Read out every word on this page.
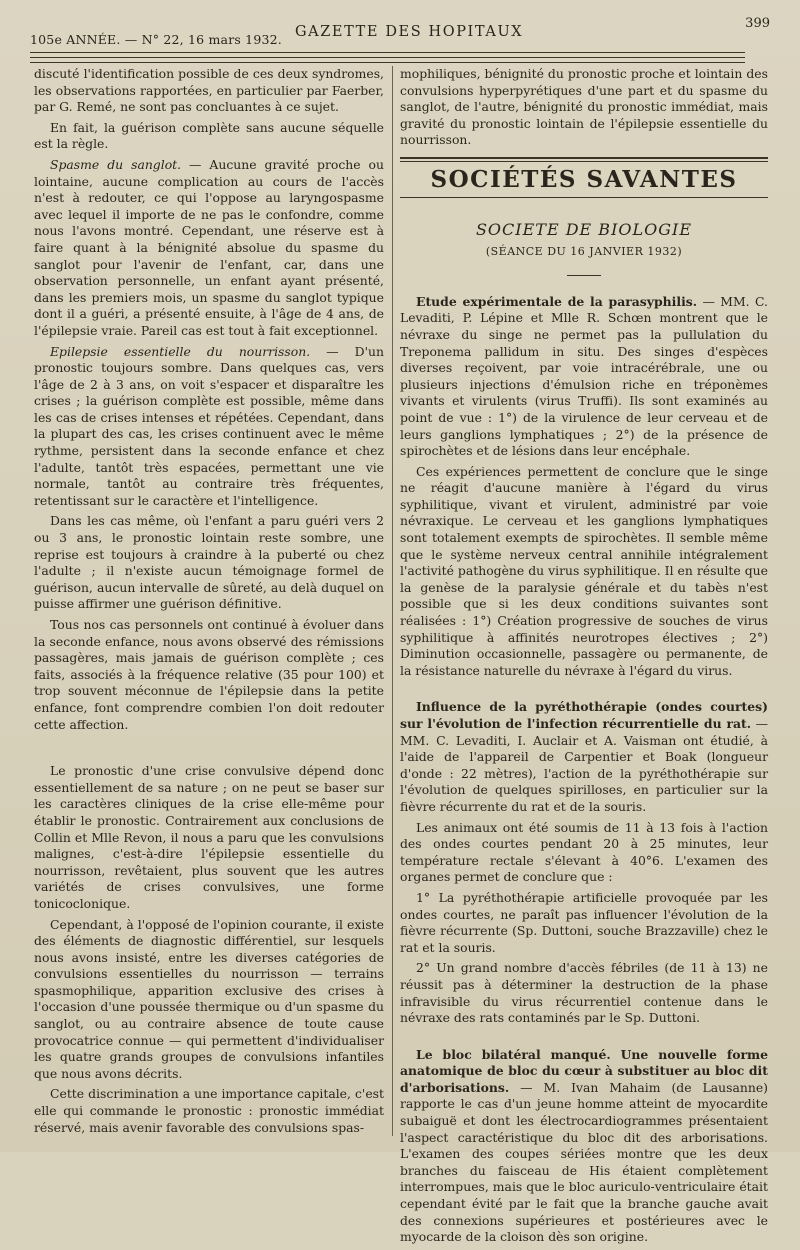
105e ANNÉE. — N° 22, 16 mars 1932. GAZETTE DES HOPITAUX
399

discuté l'identification possible de ces deux syndromes, les observations rapportées, en particulier par Faerber, par G. Remé, ne sont pas concluantes à ce sujet.

En fait, la guérison complète sans aucune séquelle est la règle.

Spasme du sanglot. — Aucune gravité proche ou lointaine, aucune complication au cours de l'accès n'est à redouter, ce qui l'oppose au laryngospasme avec lequel il importe de ne pas le confondre, comme nous l'avons montré. Cependant, une réserve est à faire quant à la bénignité absolue du spasme du sanglot pour l'avenir de l'enfant, car, dans une observation personnelle, un enfant ayant présenté, dans les premiers mois, un spasme du sanglot typique dont il a guéri, a présenté ensuite, à l'âge de 4 ans, de l'épilepsie vraie. Pareil cas est tout à fait exceptionnel.

Epilepsie essentielle du nourrisson. — D'un pronostic toujours sombre. Dans quelques cas, vers l'âge de 2 à 3 ans, on voit s'espacer et disparaître les crises ; la guérison complète est possible, même dans les cas de crises intenses et répétées. Cependant, dans la plupart des cas, les crises continuent avec le même rythme, persistent dans la seconde enfance et chez l'adulte, tantôt très espacées, permettant une vie normale, tantôt au contraire très fréquentes, retentissant sur le caractère et l'intelligence.

Dans les cas même, où l'enfant a paru guéri vers 2 ou 3 ans, le pronostic lointain reste sombre, une reprise est toujours à craindre à la puberté ou chez l'adulte ; il n'existe aucun témoignage formel de guérison, aucun intervalle de sûreté, au delà duquel on puisse affirmer une guérison définitive.

Tous nos cas personnels ont continué à évoluer dans la seconde enfance, nous avons observé des rémissions passagères, mais jamais de guérison complète ; ces faits, associés à la fréquence relative (35 pour 100) et trop souvent méconnue de l'épilepsie dans la petite enfance, font comprendre combien l'on doit redouter cette affection.

Le pronostic d'une crise convulsive dépend donc essentiellement de sa nature ; on ne peut se baser sur les caractères cliniques de la crise elle-même pour établir le pronostic. Contrairement aux conclusions de Collin et Mlle Revon, il nous a paru que les convulsions malignes, c'est-à-dire l'épilepsie essentielle du nourrisson, revêtaient, plus souvent que les autres variétés de crises convulsives, une forme tonicoclonique.

Cependant, à l'opposé de l'opinion courante, il existe des éléments de diagnostic différentiel, sur lesquels nous avons insisté, entre les diverses catégories de convulsions essentielles du nourrisson — terrains spasmophilique, apparition exclusive des crises à l'occasion d'une poussée thermique ou d'un spasme du sanglot, ou au contraire absence de toute cause provocatrice connue — qui permettent d'individualiser les quatre grands groupes de convulsions infantiles que nous avons décrits.

Cette discrimination a une importance capitale, c'est elle qui commande le pronostic : pronostic immédiat réservé, mais avenir favorable des convulsions spas-

mophiliques, bénignité du pronostic proche et lointain des convulsions hyperpyrétiques d'une part et du spasme du sanglot, de l'autre, bénignité du pronostic immédiat, mais gravité du pronostic lointain de l'épilepsie essentielle du nourrisson.

SOCIÉTÉS SAVANTES
SOCIETE DE BIOLOGIE
(SÉANCE DU 16 JANVIER 1932)

Etude expérimentale de la parasyphilis. — MM. C. Levaditi, P. Lépine et Mlle R. Schœn montrent que le névraxe du singe ne permet pas la pullulation du Treponema pallidum in situ. Des singes d'espèces diverses reçoivent, par voie intracérébrale, une ou plusieurs injections d'émulsion riche en tréponèmes vivants et virulents (virus Truffi). Ils sont examinés au point de vue : 1°) de la virulence de leur cerveau et de leurs ganglions lymphatiques ; 2°) de la présence de spirochètes et de lésions dans leur encéphale.

Ces expériences permettent de conclure que le singe ne réagit d'aucune manière à l'égard du virus syphilitique, vivant et virulent, administré par voie névraxique. Le cerveau et les ganglions lymphatiques sont totalement exempts de spirochètes. Il semble même que le système nerveux central annihile intégralement l'activité pathogène du virus syphilitique. Il en résulte que la genèse de la paralysie générale et du tabès n'est possible que si les deux conditions suivantes sont réalisées : 1°) Création progressive de souches de virus syphilitique à affinités neurotropes électives ; 2°) Diminution occasionnelle, passagère ou permanente, de la résistance naturelle du névraxe à l'égard du virus.

Influence de la pyréthothérapie (ondes courtes) sur l'évolution de l'infection récurrentielle du rat. —MM. C. Levaditi, I. Auclair et A. Vaisman ont étudié, à l'aide de l'appareil de Carpentier et Boak (longueur d'onde : 22 mètres), l'action de la pyréthothérapie sur l'évolution de quelques spirilloses, en particulier sur la fièvre récurrente du rat et de la souris.

Les animaux ont été soumis de 11 à 13 fois à l'action des ondes courtes pendant 20 à 25 minutes, leur température rectale s'élevant à 40°6. L'examen des organes permet de conclure que :

1° La pyréthothérapie artificielle provoquée par les ondes courtes, ne paraît pas influencer l'évolution de la fièvre récurrente (Sp. Duttoni, souche Brazzaville) chez le rat et la souris.

2° Un grand nombre d'accès fébriles (de 11 à 13) ne réussit pas à déterminer la destruction de la phase infravisible du virus récurrentiel contenue dans le névraxe des rats contaminés par le Sp. Duttoni.

Le bloc bilatéral manqué. Une nouvelle forme anatomique de bloc du cœur à substituer au bloc dit d'arborisations. — M. Ivan Mahaim (de Lausanne) rapporte le cas d'un jeune homme atteint de myocardite subaiguë et dont les électrocardiogrammes présentaient l'aspect caractéristique du bloc dit des arborisations. L'examen des coupes sériées montre que les deux branches du faisceau de His étaient complètement interrompues, mais que le bloc auriculo-ventriculaire était cependant évité par le fait que la branche gauche avait des connexions supérieures et postérieures avec le myocarde de la cloison dès son origine.
